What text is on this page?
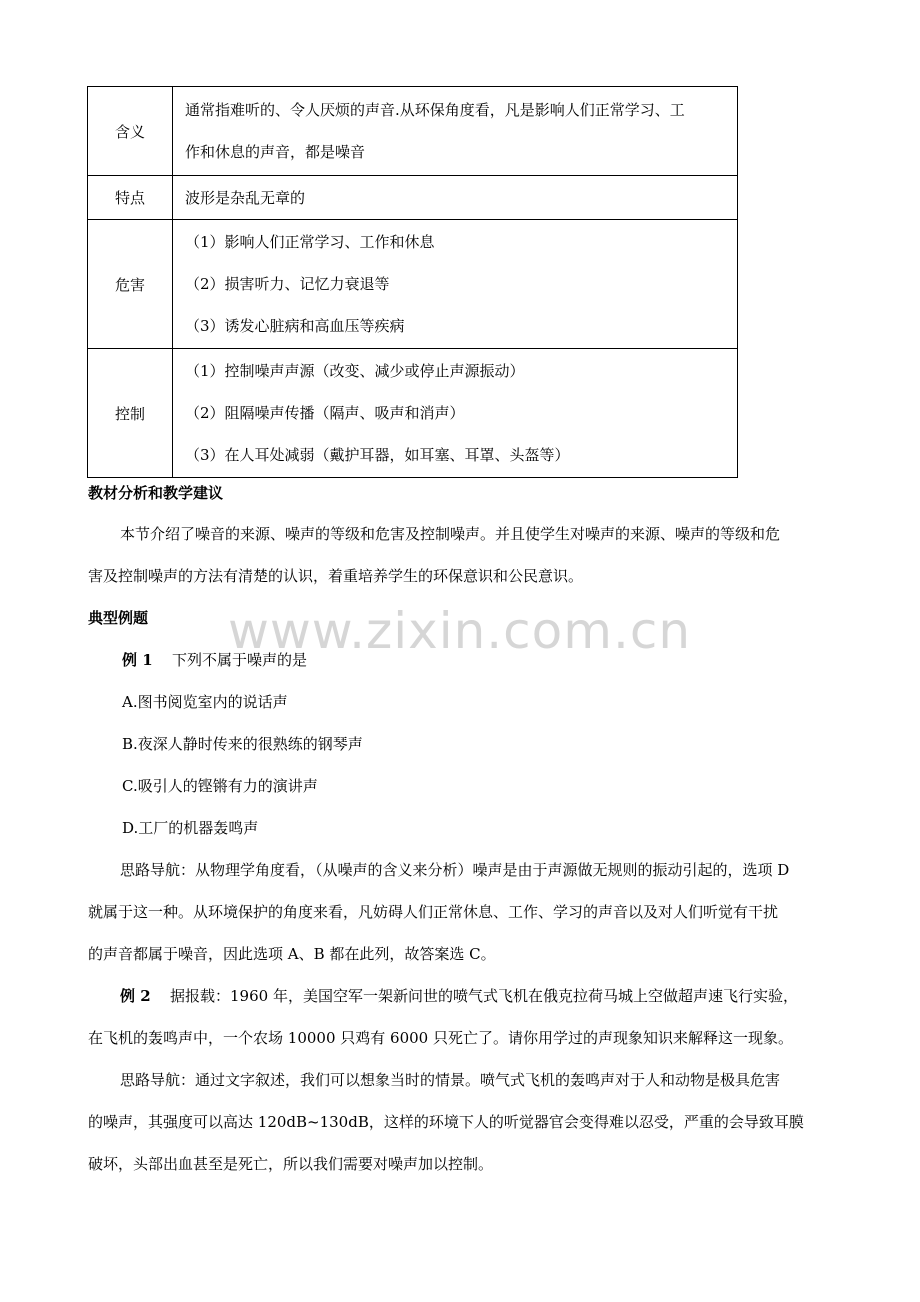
含义	通常指难听的、令人厌烦的声音.从环保角度看，凡是影响人们正常学习、工
作和休息的声音，都是噪音

特点	波形是杂乱无章的

危害	（1）影响人们正常学习、工作和休息
（2）损害听力、记忆力衰退等
（3）诱发心脏病和高血压等疾病

控制	（1）控制噪声声源（改变、减少或停止声源振动）
（2）阻隔噪声传播（隔声、吸声和消声）
（3）在人耳处减弱（戴护耳器，如耳塞、耳罩、头盔等）
教材分析和教学建议
本节介绍了噪音的来源、噪声的等级和危害及控制噪声。并且使学生对噪声的来源、噪声的等级和危
害及控制噪声的方法有清楚的认识，着重培养学生的环保意识和公民意识。
典型例题 www.zixin.com.cn
例 1 下列不属于噪声的是
A.图书阅览室内的说话声
B.夜深人静时传来的很熟练的钢琴声
C.吸引人的铿锵有力的演讲声
D.工厂的机器轰鸣声
思路导航：从物理学角度看，（从噪声的含义来分析）噪声是由于声源做无规则的振动引起的，选项 D
就属于这一种。从环境保护的角度来看，凡妨碍人们正常休息、工作、学习的声音以及对人们听觉有干扰
的声音都属于噪音，因此选项 A、B 都在此列，故答案选 C。
例 2 据报载：1960 年，美国空军一架新问世的喷气式飞机在俄克拉荷马城上空做超声速飞行实验，
在飞机的轰鸣声中，一个农场 10000 只鸡有 6000 只死亡了。请你用学过的声现象知识来解释这一现象。
思路导航：通过文字叙述，我们可以想象当时的情景。喷气式飞机的轰鸣声对于人和动物是极具危害
的噪声，其强度可以高达 120dB~130dB，这样的环境下人的听觉器官会变得难以忍受，严重的会导致耳膜
破坏，头部出血甚至是死亡，所以我们需要对噪声加以控制。
